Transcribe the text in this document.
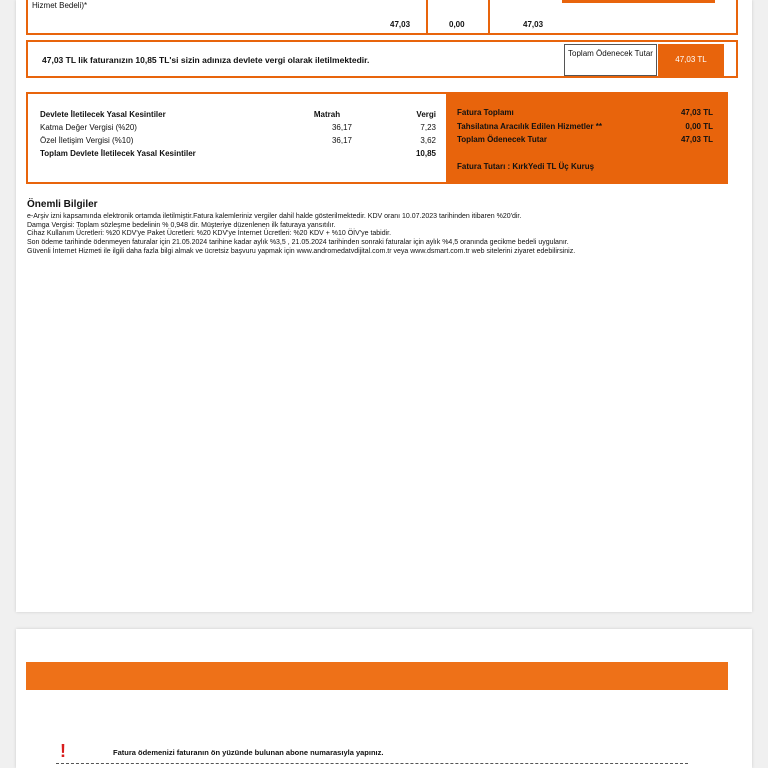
Hizmet Bedeli)*
47,03	0,00	47,03
47,03 TL lik faturanızın 10,85 TL'si sizin adınıza devlete vergi olarak iletilmektedir.
Toplam Ödenecek Tutar
47,03 TL
Devlete İletilecek Yasal Kesintiler	Matrah	Vergi
Katma Değer Vergisi (%20)	36,17	7,23
Özel İletişim Vergisi (%10)	36,17	3,62
Toplam Devlete İletilecek Yasal Kesintiler		10,85
Fatura Toplamı	47,03 TL
Tahsilatına Aracılık Edilen Hizmetler **	0,00 TL
Toplam Ödenecek Tutar	47,03 TL
Fatura Tutarı : KırkYedi TL Üç Kuruş
Önemli Bilgiler

e-Arşiv izni kapsamında elektronik ortamda iletilmiştir.Fatura kalemleriniz vergiler dahil halde gösterilmektedir. KDV oranı 10.07.2023 tarihinden itibaren %20'dir.

Damga Vergisi: Toplam sözleşme bedelinin % 0,948 dir. Müşteriye düzenlenen ilk faturaya yansıtılır.

Cihaz Kullanım Ücretleri: %20 KDV'ye Paket Ücretleri: %20 KDV'ye İnternet Ücretleri: %20 KDV + %10 ÖİV'ye tabidir.

Son ödeme tarihinde ödenmeyen faturalar için 21.05.2024 tarihine kadar aylık %3,5 , 21.05.2024 tarihinden sonraki faturalar için aylık %4,5 oranında gecikme bedeli uygulanır.

Güvenli İnternet Hizmeti ile ilgili daha fazla bilgi almak ve ücretsiz başvuru yapmak için www.andromedatvdijital.com.tr veya www.dsmart.com.tr web sitelerini ziyaret edebilirsiniz.

!	Fatura ödemenizi faturanın ön yüzünde bulunan abone numarasıyla yapınız.
